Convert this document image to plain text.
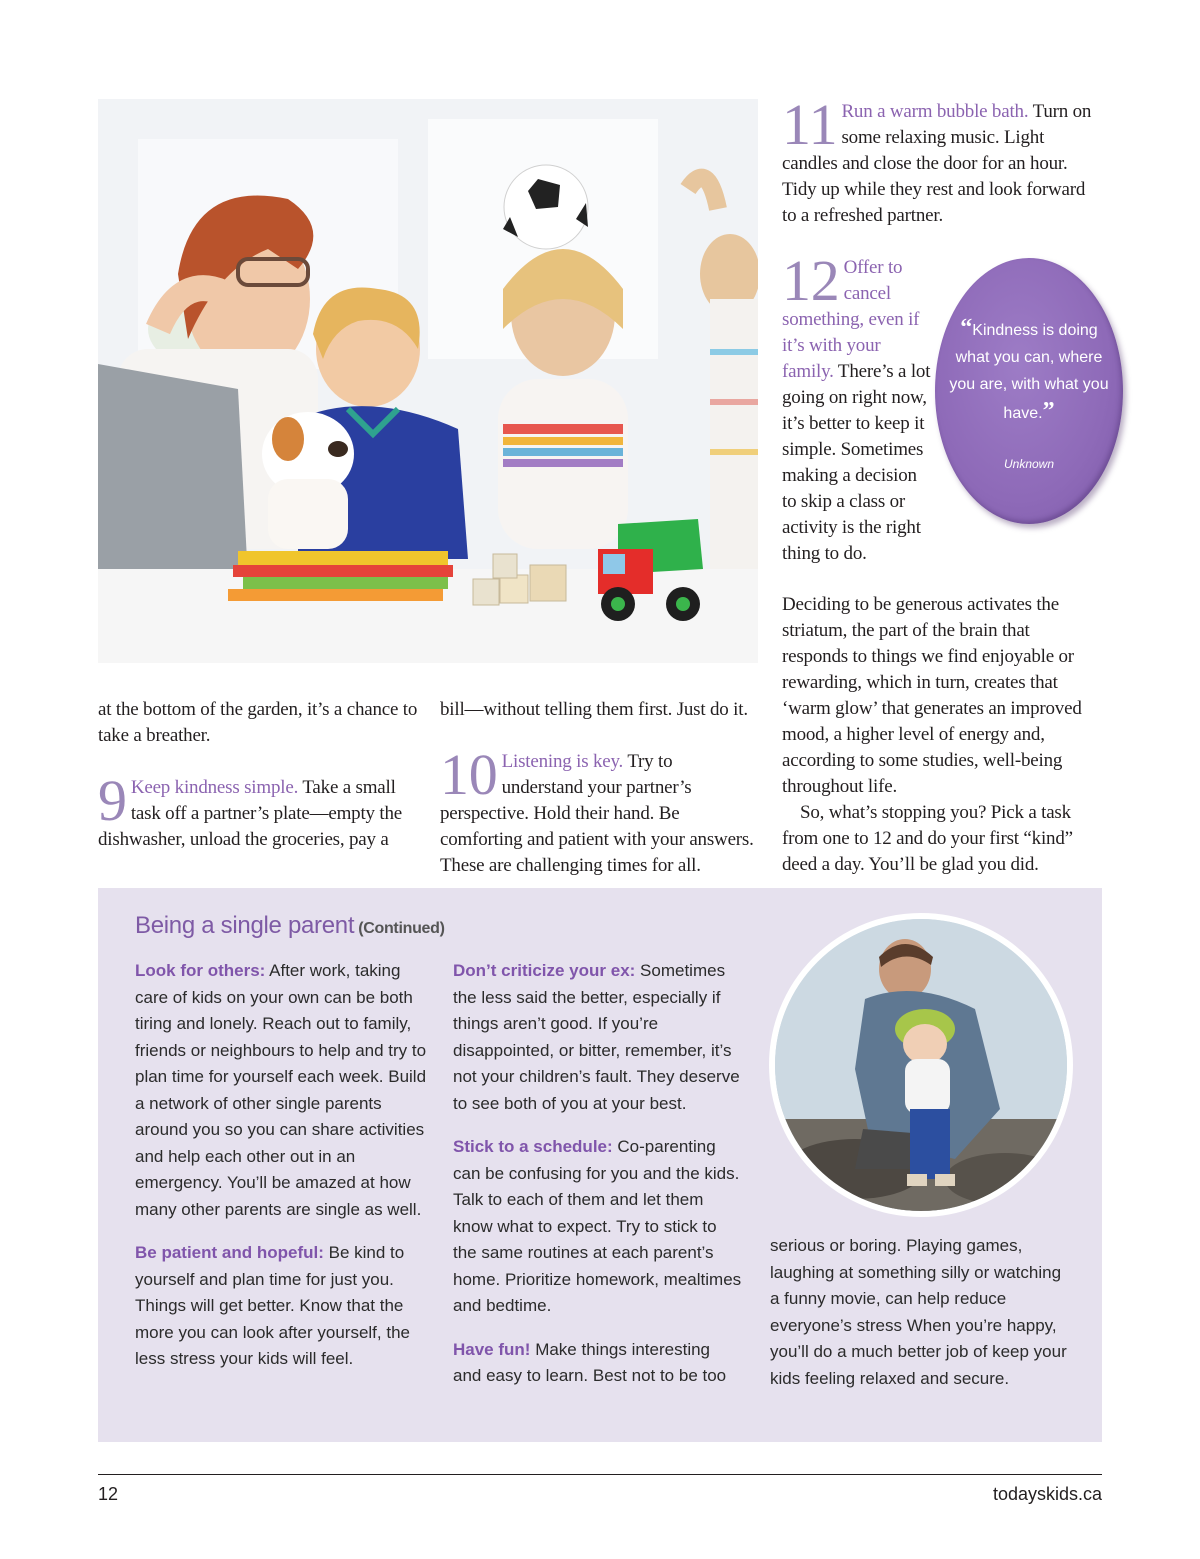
at the bottom of the garden, it’s a chance to take a breather.

9 Keep kindness simple. Take a small task off a partner’s plate—empty the dishwasher, unload the groceries, pay a

bill—without telling them first. Just do it.

10 Listening is key. Try to understand your partner’s perspective. Hold their hand. Be comforting and patient with your answers. These are challenging times for all.

11 Run a warm bubble bath. Turn on some relaxing music. Light candles and close the door for an hour. Tidy up while they rest and look forward to a refreshed partner.
12 Offer to cancel something, even if it’s with your family. There’s a lot going on right now, it’s better to keep it simple. Sometimes making a decision to skip a class or activity is the right thing to do.
“Kindness is doing what you can, where you are, with what you have.”
Unknown

Deciding to be generous activates the striatum, the part of the brain that responds to things we find enjoyable or rewarding, which in turn, creates that ‘warm glow’ that generates an improved mood, a higher level of energy and, according to some studies, well-being throughout life.

So, what’s stopping you? Pick a task from one to 12 and do your first “kind” deed a day. You’ll be glad you did.

Being a single parent (Continued)

Look for others: After work, taking care of kids on your own can be both tiring and lonely. Reach out to family, friends or neighbours to help and try to plan time for yourself each week. Build a network of other single parents around you so you can share activities and help each other out in an emergency. You’ll be amazed at how many other parents are single as well.

Be patient and hopeful: Be kind to yourself and plan time for just you. Things will get better. Know that the more you can look after yourself, the less stress your kids will feel.

Don’t criticize your ex: Sometimes the less said the better, especially if things aren’t good. If you’re disappointed, or bitter, remember, it’s not your children’s fault. They deserve to see both of you at your best.

Stick to a schedule: Co-parenting can be confusing for you and the kids. Talk to each of them and let them know what to expect. Try to stick to the same routines at each parent’s home. Prioritize homework, mealtimes and bedtime.

Have fun! Make things interesting and easy to learn. Best not to be too

serious or boring. Playing games, laughing at something silly or watching a funny movie, can help reduce everyone’s stress When you’re happy, you’ll do a much better job of keep your kids feeling relaxed and secure.

12	todayskids.ca
